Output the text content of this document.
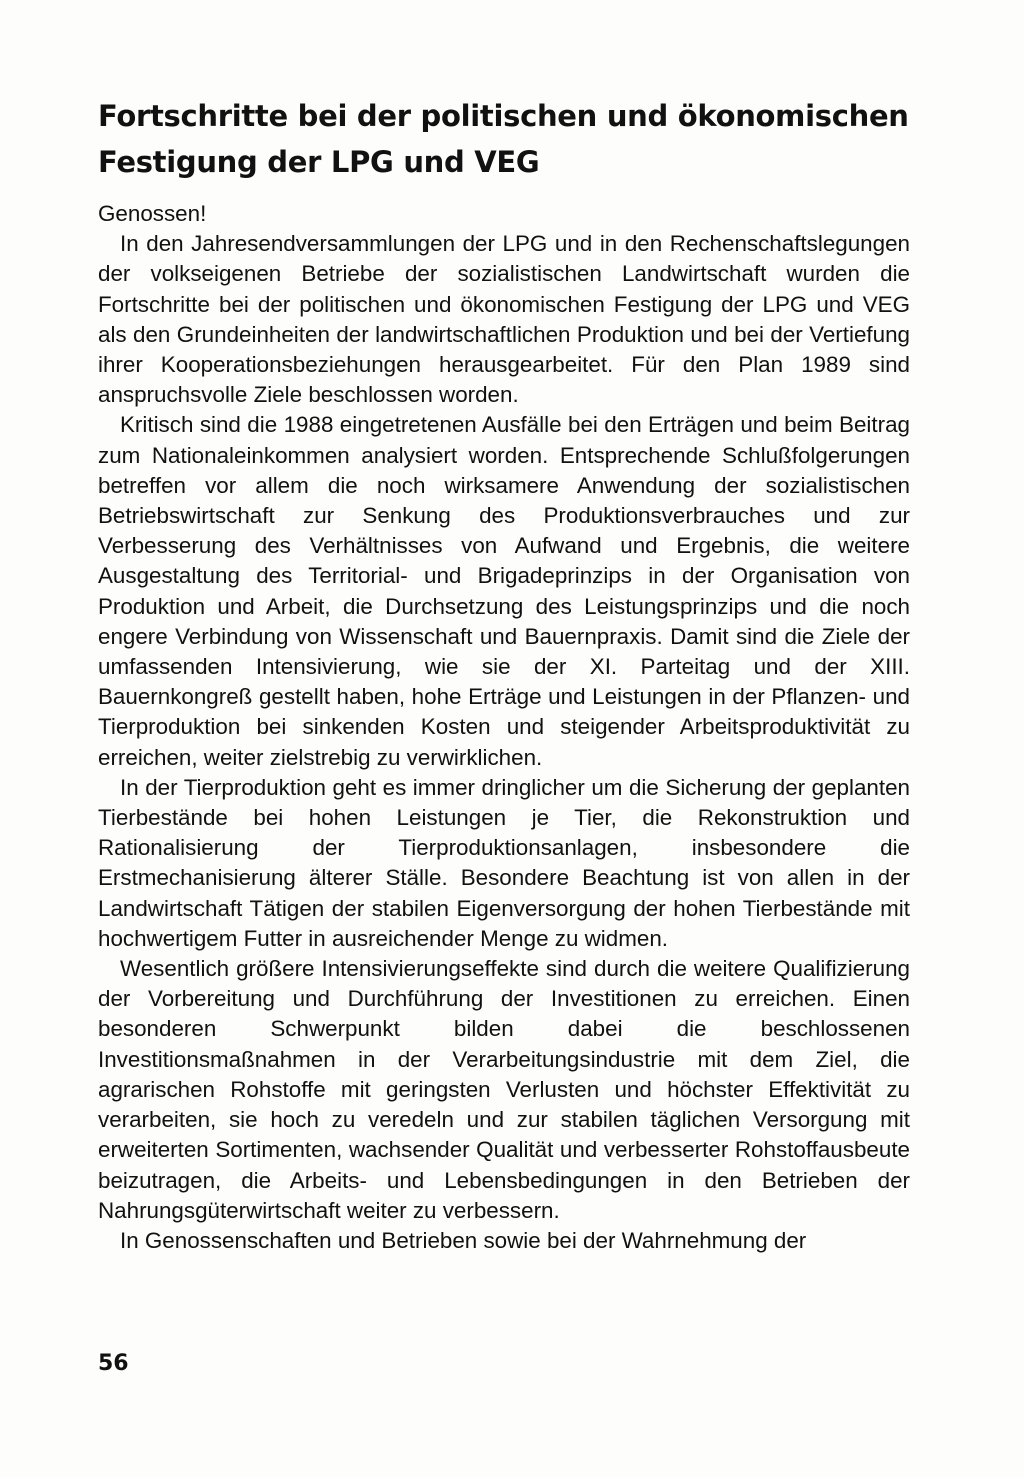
Fortschritte bei der politischen und ökonomischen Festigung der LPG und VEG

Genossen!

In den Jahresendversammlungen der LPG und in den Rechenschaftslegungen der volkseigenen Betriebe der sozialistischen Landwirtschaft wurden die Fortschritte bei der politischen und ökonomischen Festigung der LPG und VEG als den Grundeinheiten der landwirtschaftlichen Produktion und bei der Vertiefung ihrer Kooperationsbeziehungen herausgearbeitet. Für den Plan 1989 sind anspruchsvolle Ziele beschlossen worden.

Kritisch sind die 1988 eingetretenen Ausfälle bei den Erträgen und beim Beitrag zum Nationaleinkommen analysiert worden. Entsprechende Schlußfolgerungen betreffen vor allem die noch wirksamere Anwendung der sozialistischen Betriebswirtschaft zur Senkung des Produktionsverbrauches und zur Verbesserung des Verhältnisses von Aufwand und Ergebnis, die weitere Ausgestaltung des Territorial- und Brigadeprinzips in der Organisation von Produktion und Arbeit, die Durchsetzung des Leistungsprinzips und die noch engere Verbindung von Wissenschaft und Bauernpraxis. Damit sind die Ziele der umfassenden Intensivierung, wie sie der XI. Parteitag und der XIII. Bauernkongreß gestellt haben, hohe Erträge und Leistungen in der Pflanzen- und Tierproduktion bei sinkenden Kosten und steigender Arbeitsproduktivität zu erreichen, weiter zielstrebig zu verwirklichen.

In der Tierproduktion geht es immer dringlicher um die Sicherung der geplanten Tierbestände bei hohen Leistungen je Tier, die Rekonstruktion und Rationalisierung der Tierproduktionsanlagen, insbesondere die Erstmechanisierung älterer Ställe. Besondere Beachtung ist von allen in der Landwirtschaft Tätigen der stabilen Eigenversorgung der hohen Tierbestände mit hochwertigem Futter in ausreichender Menge zu widmen.

Wesentlich größere Intensivierungseffekte sind durch die weitere Qualifizierung der Vorbereitung und Durchführung der Investitionen zu erreichen. Einen besonderen Schwerpunkt bilden dabei die beschlossenen Investitionsmaßnahmen in der Verarbeitungsindustrie mit dem Ziel, die agrarischen Rohstoffe mit geringsten Verlusten und höchster Effektivität zu verarbeiten, sie hoch zu veredeln und zur stabilen täglichen Versorgung mit erweiterten Sortimenten, wachsender Qualität und verbesserter Rohstoffausbeute beizutragen, die Arbeits- und Lebensbedingungen in den Betrieben der Nahrungsgüterwirtschaft weiter zu verbessern.

In Genossenschaften und Betrieben sowie bei der Wahrnehmung der

56
